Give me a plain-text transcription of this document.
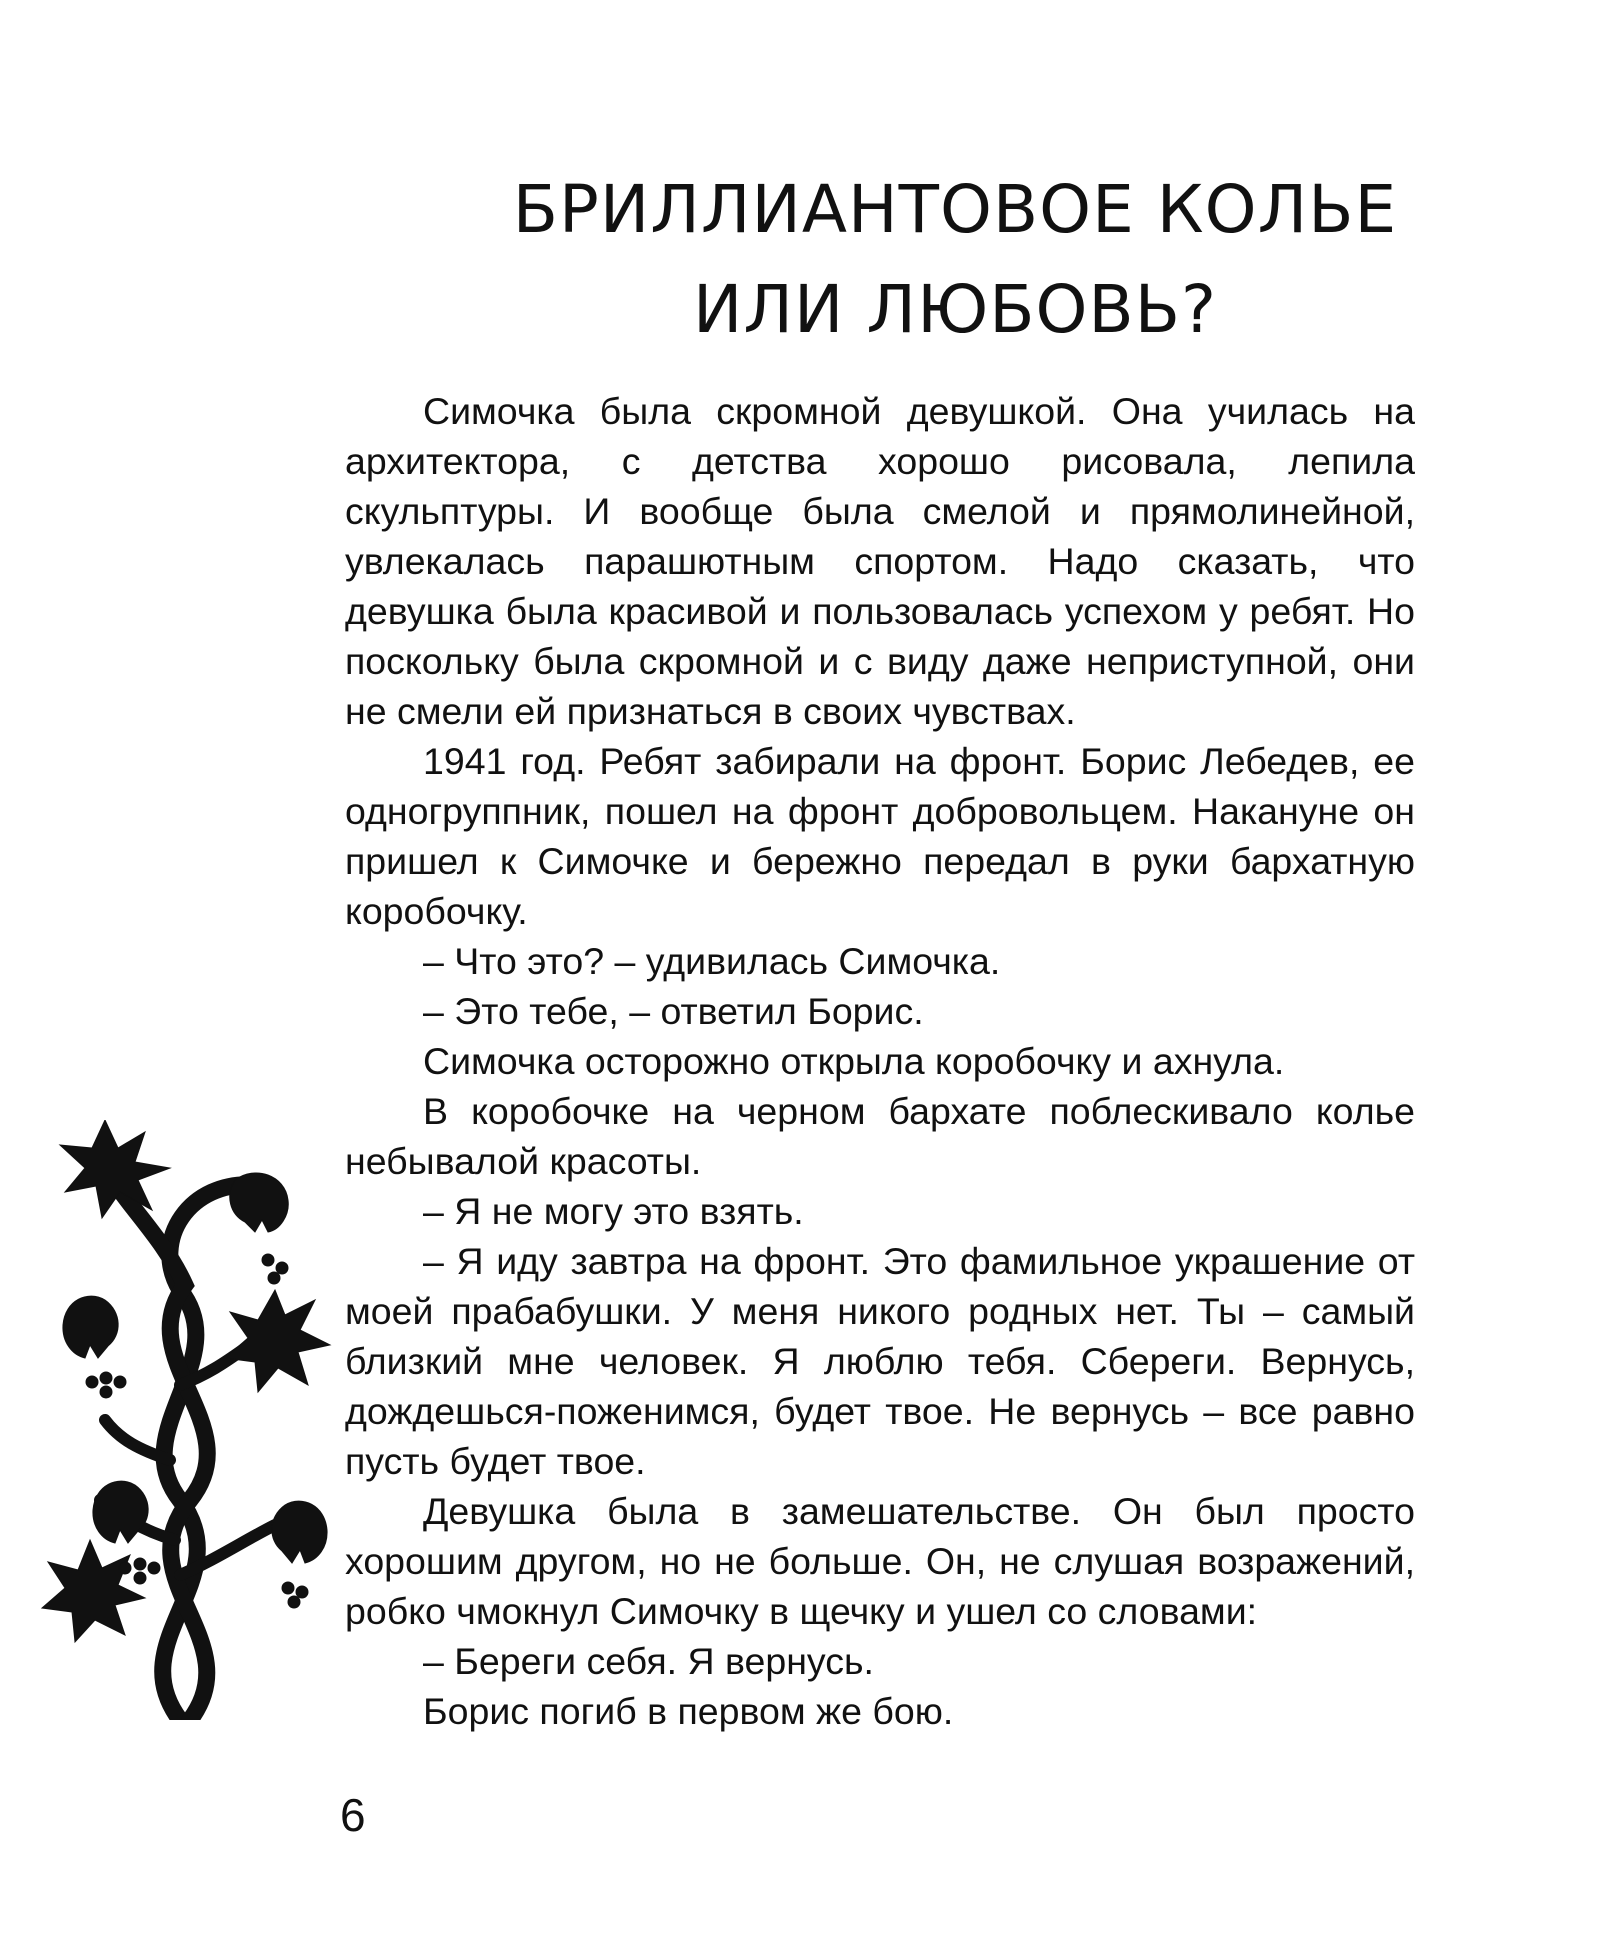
БРИЛЛИАНТОВОЕ КОЛЬЕ
ИЛИ ЛЮБОВЬ?

Симочка была скромной девушкой. Она училась на архитектора, с детства хорошо рисовала, лепила скульптуры. И вообще была смелой и прямолинейной, увлекалась парашютным спортом. Надо сказать, что девушка была красивой и пользовалась успехом у ребят. Но поскольку была скромной и с виду даже неприступной, они не смели ей признаться в своих чувствах.

1941 год. Ребят забирали на фронт. Борис Лебедев, ее одногруппник, пошел на фронт добровольцем. Накануне он пришел к Симочке и бережно передал в руки бархатную коробочку.

– Что это? – удивилась Симочка.

– Это тебе, – ответил Борис.

Симочка осторожно открыла коробочку и ахнула.

В коробочке на черном бархате поблескивало колье небывалой красоты.

– Я не могу это взять.

– Я иду завтра на фронт. Это фамильное украшение от моей прабабушки. У меня никого родных нет. Ты – самый близкий мне человек. Я люблю тебя. Сбереги. Вернусь, дождешься-поженимся, будет твое. Не вернусь – все равно пусть будет твое.

Девушка была в замешательстве. Он был просто хорошим другом, но не больше. Он, не слушая возражений, робко чмокнул Симочку в щечку и ушел со словами:

– Береги себя. Я вернусь.

Борис погиб в первом же бою.

6
